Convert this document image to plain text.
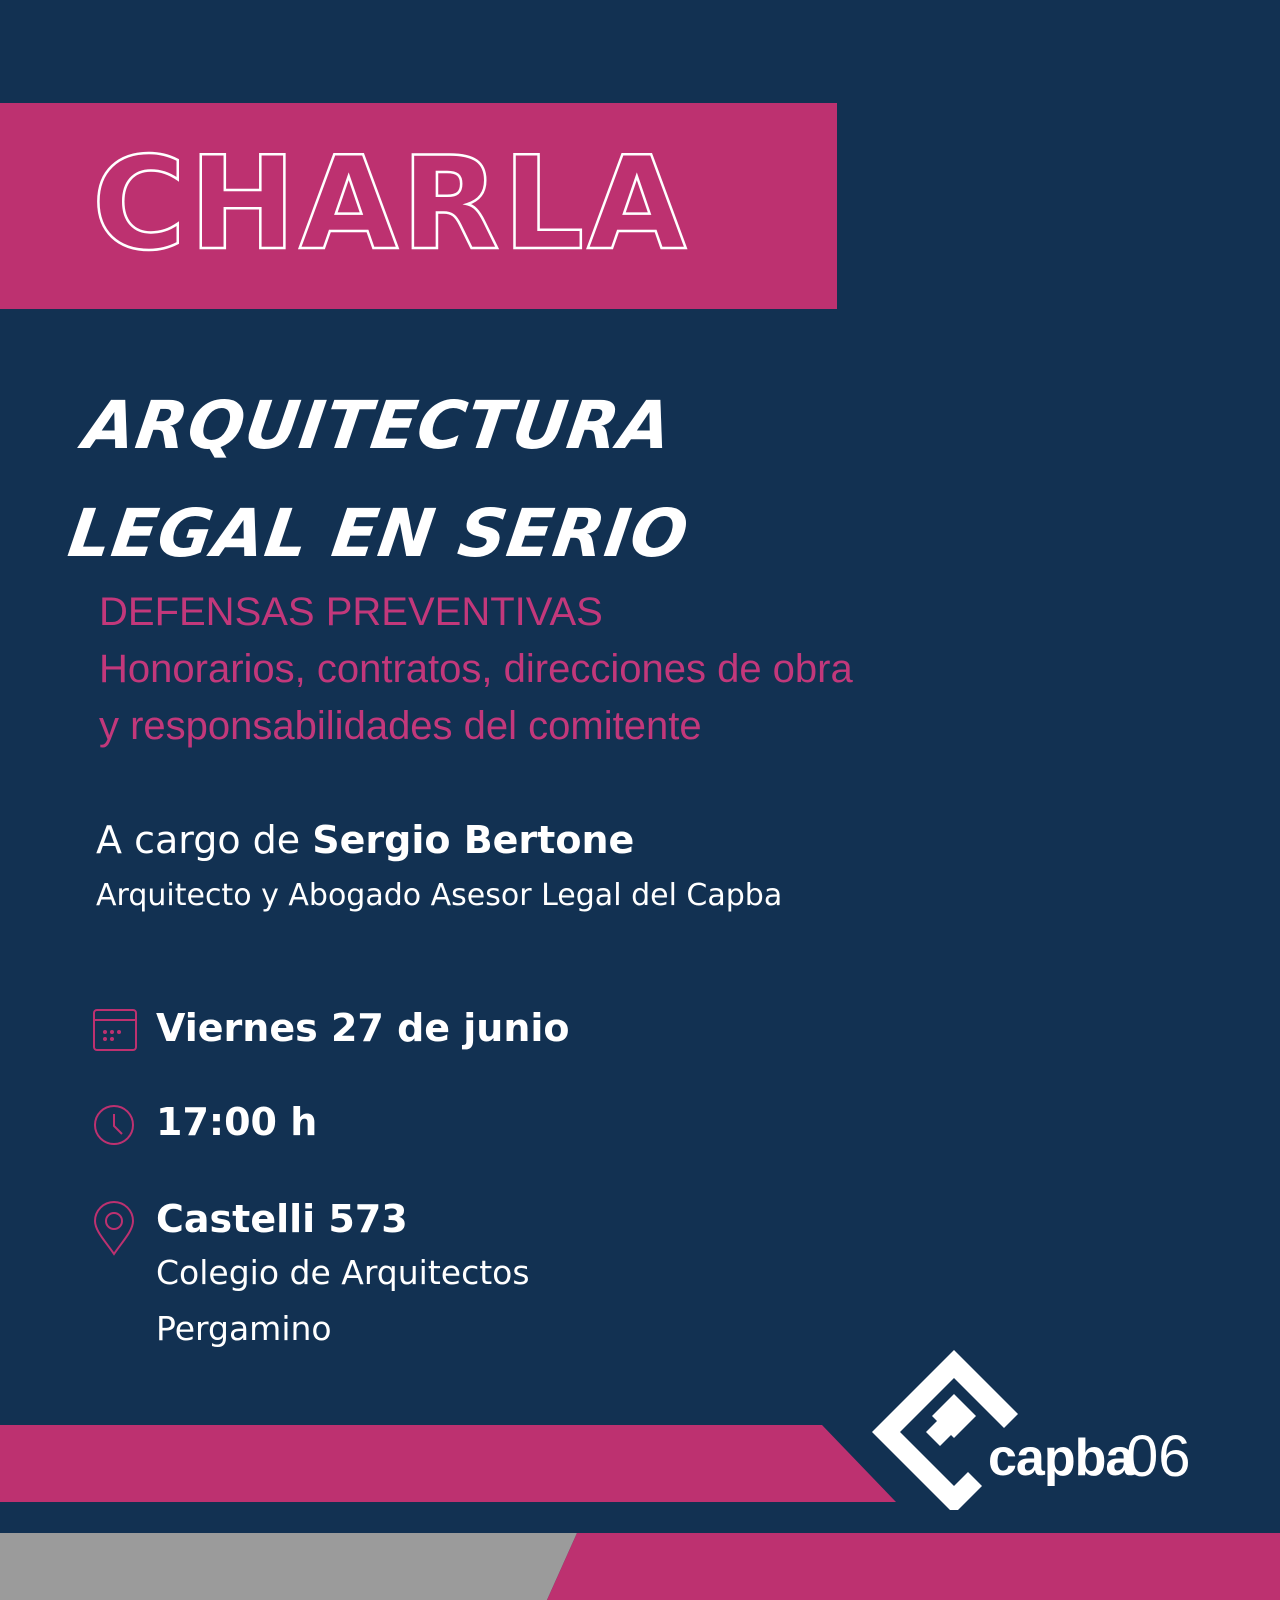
CHARLA
ARQUITECTURA
LEGAL EN SERIO
DEFENSAS PREVENTIVAS
Honorarios, contratos, direcciones de obra
y responsabilidades del comitente
A cargo de Sergio Bertone
Arquitecto y Abogado Asesor Legal del Capba
Viernes 27 de junio
17:00 h
Castelli 573
Colegio de Arquitectos
Pergamino
capba
06
